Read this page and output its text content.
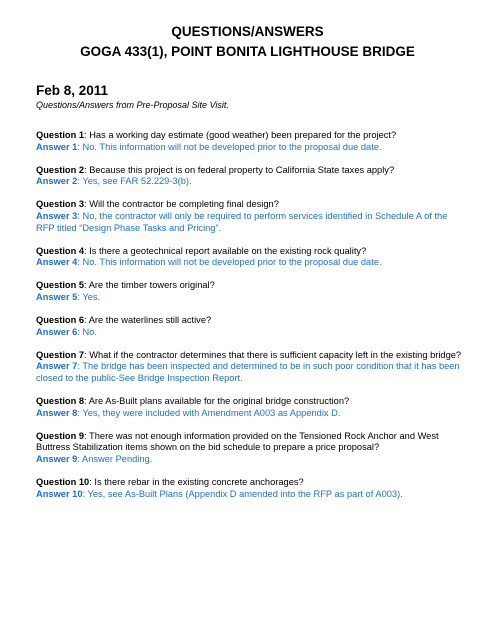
QUESTIONS/ANSWERS
GOGA 433(1), POINT BONITA LIGHTHOUSE BRIDGE
Feb 8, 2011
Questions/Answers from Pre-Proposal Site Visit.
Question 1: Has a working day estimate (good weather) been prepared for the project?
Answer 1: No. This information will not be developed prior to the proposal due date.
Question 2: Because this project is on federal property to California State taxes apply?
Answer 2: Yes, see FAR 52.229-3(b).
Question 3: Will the contractor be completing final design?
Answer 3: No, the contractor will only be required to perform services identified in Schedule A of the RFP titled “Design Phase Tasks and Pricing”.
Question 4: Is there a geotechnical report available on the existing rock quality?
Answer 4: No. This information will not be developed prior to the proposal due date.
Question 5: Are the timber towers original?
Answer 5: Yes.
Question 6: Are the waterlines still active?
Answer 6: No.
Question 7: What if the contractor determines that there is sufficient capacity left in the existing bridge?
Answer 7: The bridge has been inspected and determined to be in such poor condition that it has been closed to the public-See Bridge Inspection Report.
Question 8: Are As-Built plans available for the original bridge construction?
Answer 8: Yes, they were included with Amendment A003 as Appendix D.
Question 9: There was not enough information provided on the Tensioned Rock Anchor and West Buttress Stabilization items shown on the bid schedule to prepare a price proposal?
Answer 9: Answer Pending.
Question 10: Is there rebar in the existing concrete anchorages?
Answer 10: Yes, see As-Built Plans (Appendix D amended into the RFP as part of A003).
